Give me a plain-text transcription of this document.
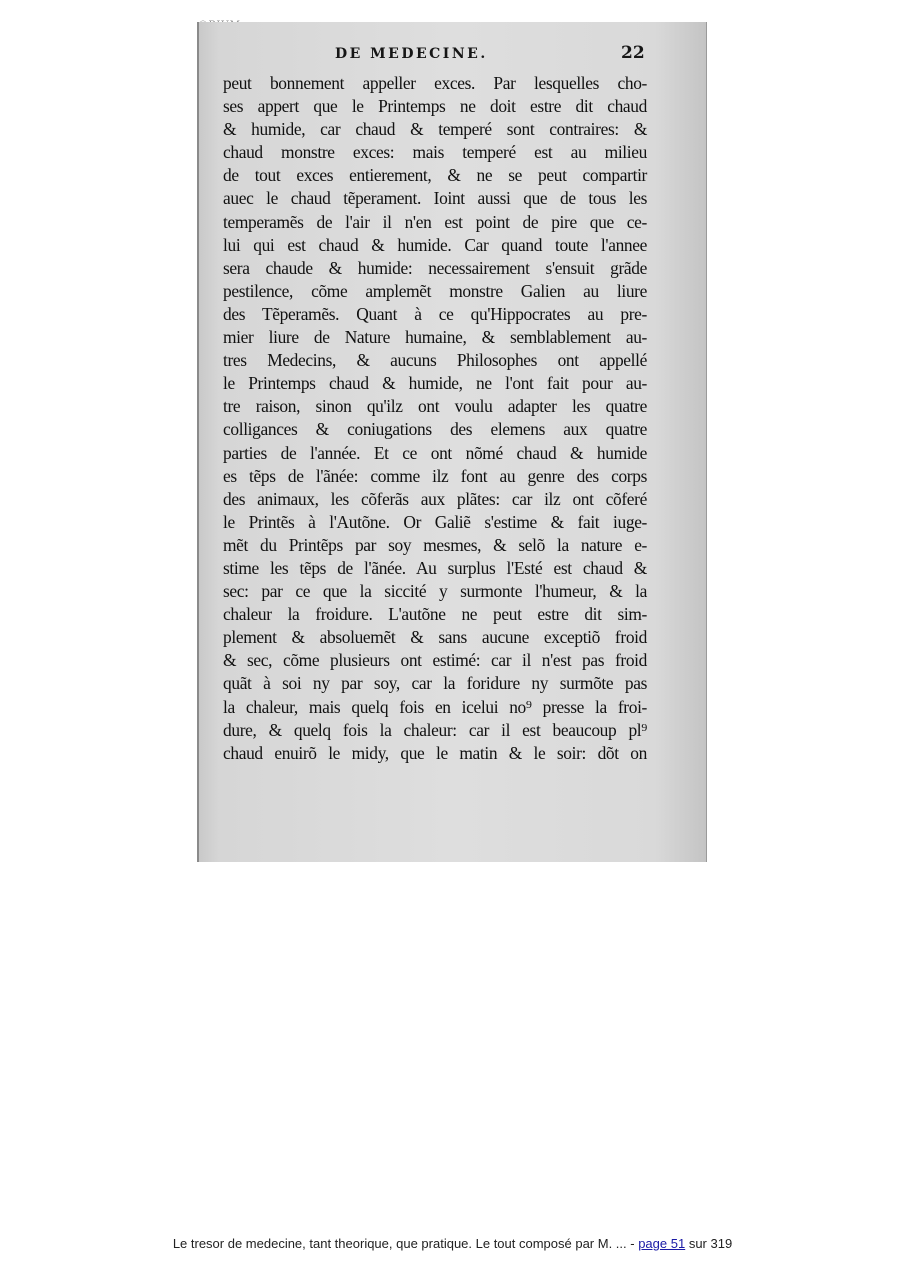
DE MEDECINE.	22
peut bonnement appeller exces. Par lesquelles cho-
ses appert que le Printemps ne doit estre dit chaud
& humide, car chaud & temperé sont contraires: &
chaud monstre exces: mais temperé est au milieu
de tout exces entierement, & ne se peut compartir
auec le chaud tẽperament. Ioint aussi que de tous les
temperamẽs de l'air il n'en est point de pire que ce-
lui qui est chaud & humide. Car quand toute l'annee
sera chaude & humide: necessairement s'ensuit grãde
pestilence, cõme amplemẽt monstre Galien au liure
des Tẽperamẽs. Quant à ce qu'Hippocrates au pre-
mier liure de Nature humaine, & semblablement au-
tres Medecins, & aucuns Philosophes ont appellé
le Printemps chaud & humide, ne l'ont fait pour au-
tre raison, sinon qu'ilz ont voulu adapter les quatre
colligances & coniugations des elemens aux quatre
parties de l'année. Et ce ont nõmé chaud & humide
es tẽps de l'ãnée: comme ilz font au genre des corps
des animaux, les cõferãs aux plãtes: car ilz ont cõferé
le Printẽs à l'Autõne. Or Galiẽ s'estime & fait iuge-
mẽt du Printẽps par soy mesmes, & selõ la nature e-
stime les tẽps de l'ãnée. Au surplus l'Esté est chaud &
sec: par ce que la siccité y surmonte l'humeur, & la
chaleur la froidure. L'autõne ne peut estre dit sim-
plement & absoluemẽt & sans aucune exceptiõ froid
& sec, cõme plusieurs ont estimé: car il n'est pas froid
quãt à soi ny par soy, car la foridure ny surmõte pas
la chaleur, mais quelq fois en icelui no⁹ presse la froi-
dure, & quelq fois la chaleur: car il est beaucoup pl⁹
chaud enuirõ le midy, que le matin & le soir: dõt on
Le tresor de medecine, tant theorique, que pratique. Le tout composé par M. ... - page 51 sur 319
